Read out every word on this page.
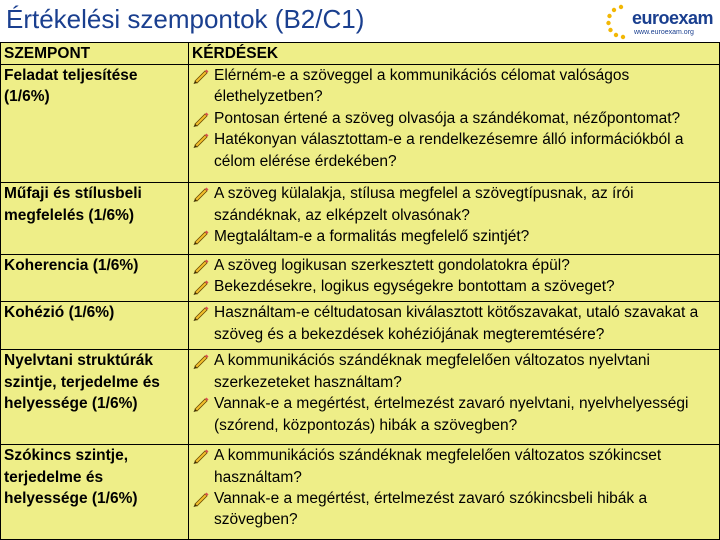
Értékelési szempontok (B2/C1)	euroexam
www.euroexam.org
SZEMPONT	KÉRDÉSEK

Feladat teljesítése (1/6%)	Elérném-e a szöveggel a kommunikációs célomat valóságos élethelyzetben?
Pontosan értené a szöveg olvasója a szándékomat, nézőpontomat?
Hatékonyan választottam-e a rendelkezésemre álló információkból a célom elérése érdekében?

Műfaji és stílusbeli megfelelés (1/6%)	A szöveg külalakja, stílusa megfelel a szövegtípusnak, az írói szándéknak, az elképzelt olvasónak?
Megtaláltam-e a formalitás megfelelő szintjét?

Koherencia (1/6%)	A szöveg logikusan szerkesztett gondolatokra épül?
Bekezdésekre, logikus egységekre bontottam a szöveget?

Kohézió (1/6%)	Használtam-e céltudatosan kiválasztott kötőszavakat, utaló szavakat a szöveg és a bekezdések kohéziójának megteremtésére?

Nyelvtani struktúrák szintje, terjedelme és helyessége (1/6%)	A kommunikációs szándéknak megfelelően változatos nyelvtani szerkezeteket használtam?
Vannak-e a megértést, értelmezést zavaró nyelvtani, nyelvhelyességi (szórend, központozás) hibák a szövegben?

Szókincs szintje, terjedelme és helyessége (1/6%)	A kommunikációs szándéknak megfelelően változatos szókincset használtam?
Vannak-e a megértést, értelmezést zavaró szókincsbeli hibák a szövegben?
